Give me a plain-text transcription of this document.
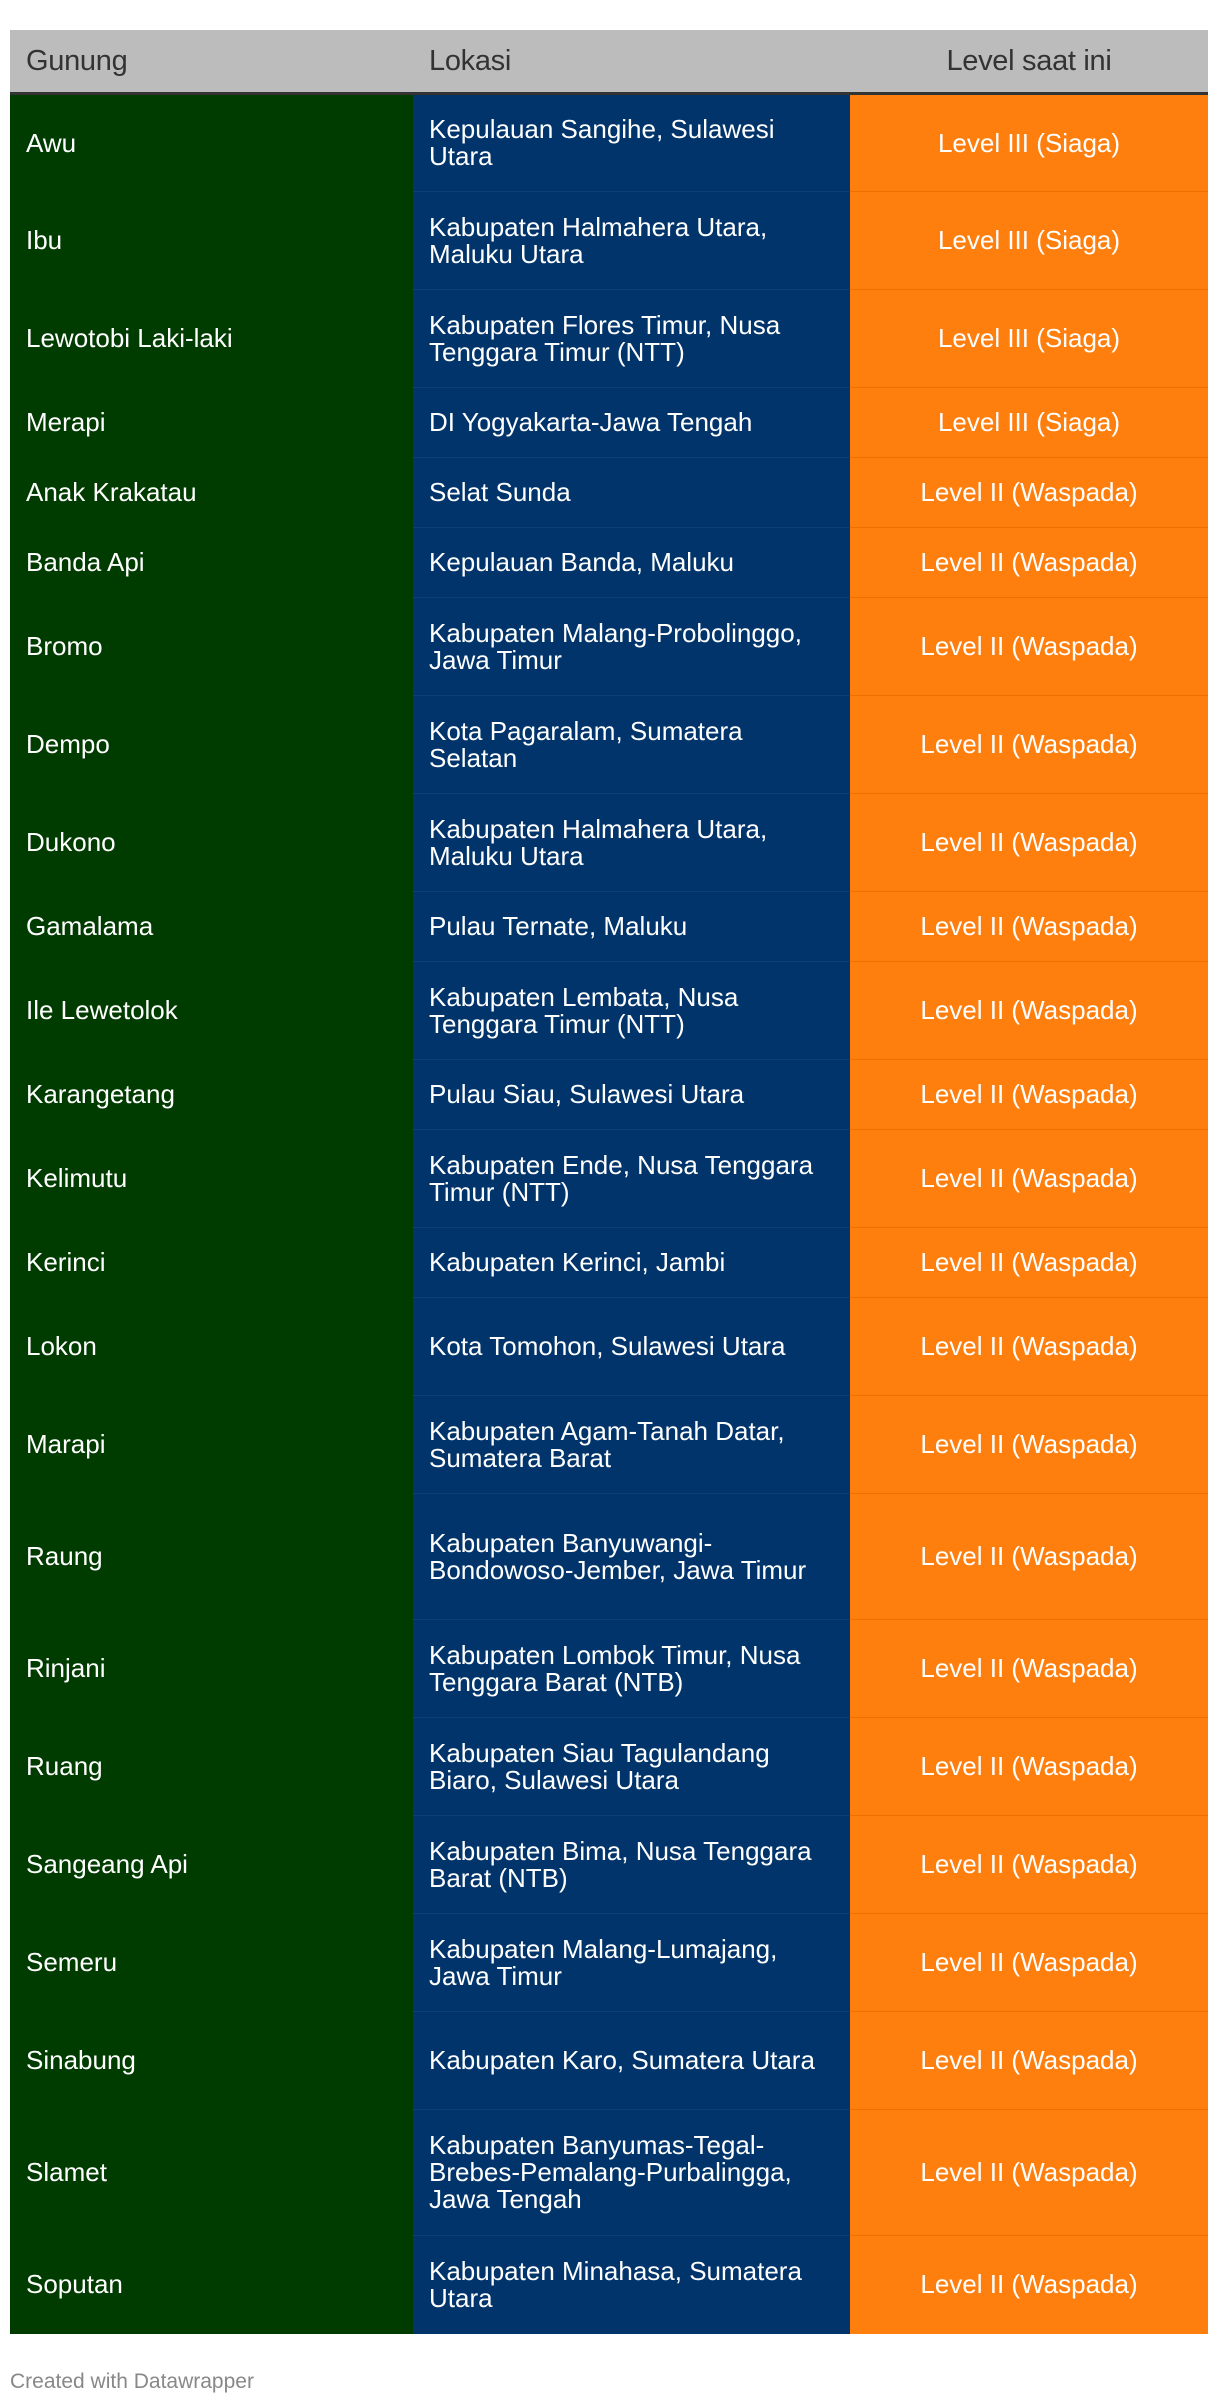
Gunung	Lokasi	Level saat ini
Awu	Kepulauan Sangihe, Sulawesi Utara	Level III (Siaga)
Ibu	Kabupaten Halmahera Utara, Maluku Utara	Level III (Siaga)
Lewotobi Laki-laki	Kabupaten Flores Timur, Nusa Tenggara Timur (NTT)	Level III (Siaga)
Merapi	DI Yogyakarta-Jawa Tengah	Level III (Siaga)
Anak Krakatau	Selat Sunda	Level II (Waspada)
Banda Api	Kepulauan Banda, Maluku	Level II (Waspada)
Bromo	Kabupaten Malang-Probolinggo, Jawa Timur	Level II (Waspada)
Dempo	Kota Pagaralam, Sumatera Selatan	Level II (Waspada)
Dukono	Kabupaten Halmahera Utara, Maluku Utara	Level II (Waspada)
Gamalama	Pulau Ternate, Maluku	Level II (Waspada)
Ile Lewetolok	Kabupaten Lembata, Nusa Tenggara Timur (NTT)	Level II (Waspada)
Karangetang	Pulau Siau, Sulawesi Utara	Level II (Waspada)
Kelimutu	Kabupaten Ende, Nusa Tenggara Timur (NTT)	Level II (Waspada)
Kerinci	Kabupaten Kerinci, Jambi	Level II (Waspada)
Lokon	Kota Tomohon, Sulawesi Utara	Level II (Waspada)
Marapi	Kabupaten Agam-Tanah Datar, Sumatera Barat	Level II (Waspada)
Raung	Kabupaten Banyuwangi-Bondowoso-Jember, Jawa Timur	Level II (Waspada)
Rinjani	Kabupaten Lombok Timur, Nusa Tenggara Barat (NTB)	Level II (Waspada)
Ruang	Kabupaten Siau Tagulandang Biaro, Sulawesi Utara	Level II (Waspada)
Sangeang Api	Kabupaten Bima, Nusa Tenggara Barat (NTB)	Level II (Waspada)
Semeru	Kabupaten Malang-Lumajang, Jawa Timur	Level II (Waspada)
Sinabung	Kabupaten Karo, Sumatera Utara	Level II (Waspada)
Slamet	Kabupaten Banyumas-Tegal-Brebes-Pemalang-Purbalingga, Jawa Tengah	Level II (Waspada)
Soputan	Kabupaten Minahasa, Sumatera Utara	Level II (Waspada)
Created with Datawrapper
